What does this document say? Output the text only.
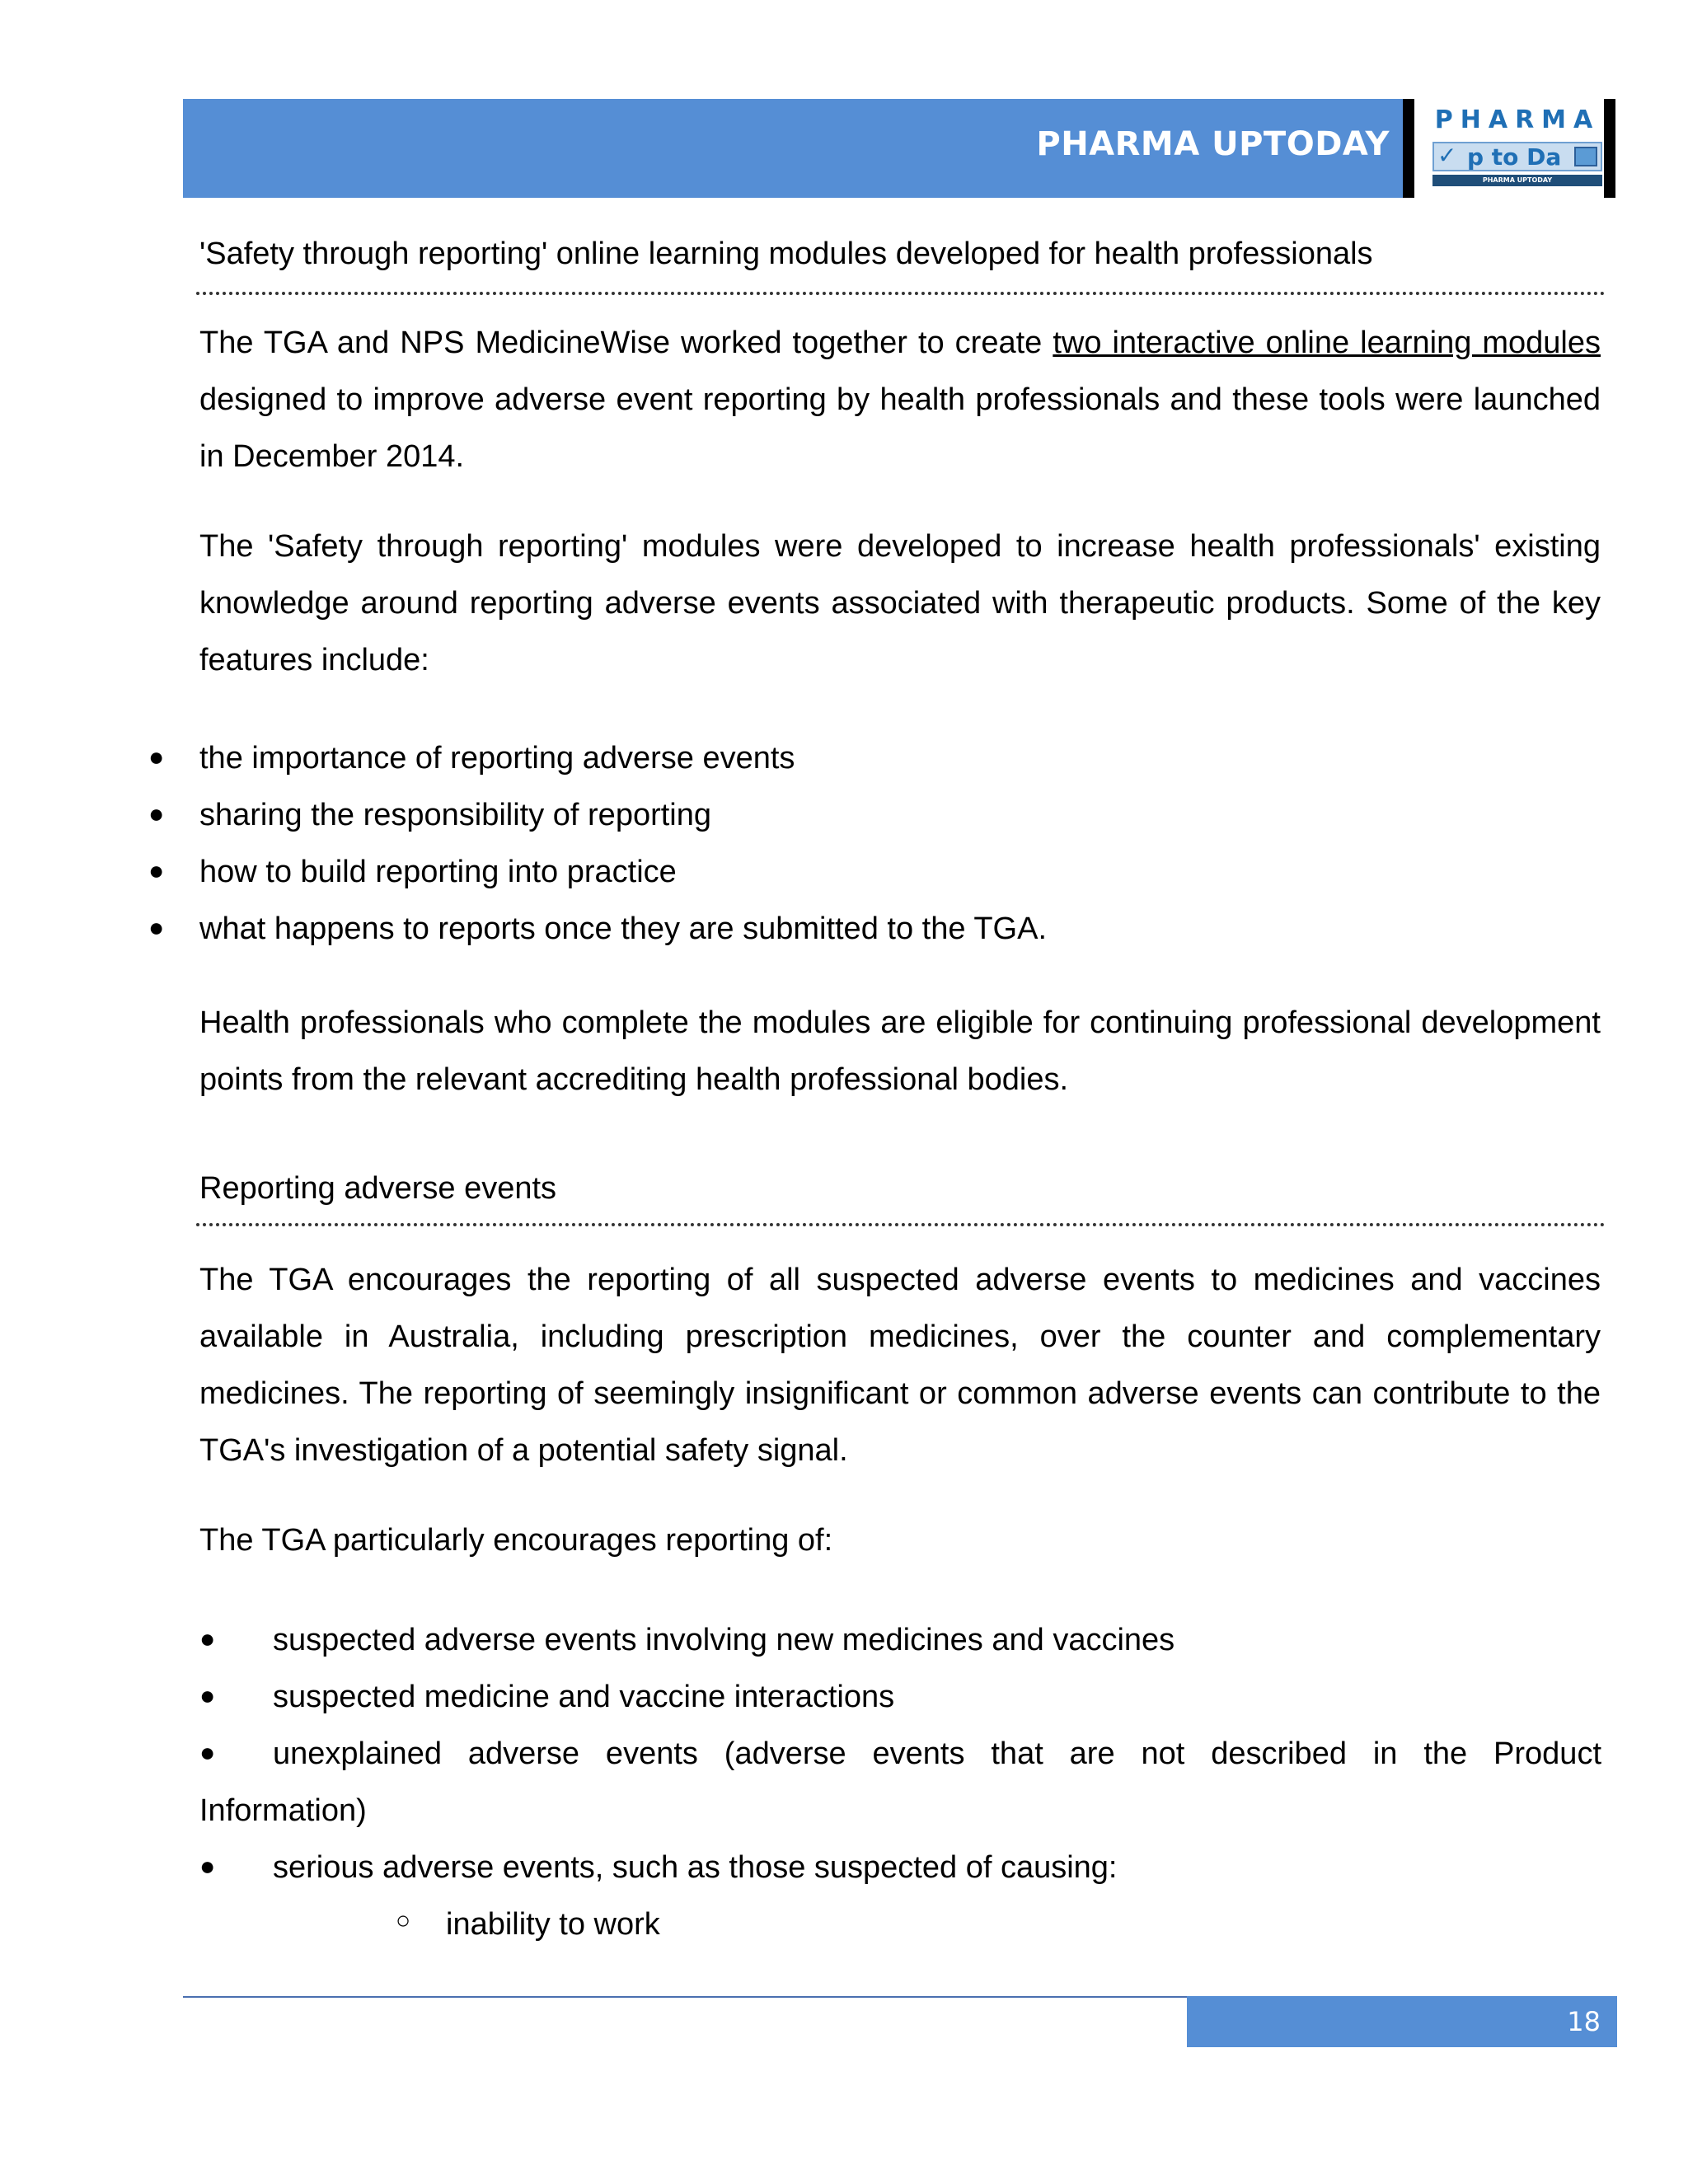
PHARMA UPTODAY
PHARMA
✓ p to Da
PHARMA UPTODAY
'Safety through reporting' online learning modules developed for health professionals

The TGA and NPS MedicineWise worked together to create two interactive online learning modules designed to improve adverse event reporting by health professionals and these tools were launched in December 2014.

The 'Safety through reporting' modules were developed to increase health professionals' existing knowledge around reporting adverse events associated with therapeutic products. Some of the key features include:

● the importance of reporting adverse events
● sharing the responsibility of reporting
● how to build reporting into practice
● what happens to reports once they are submitted to the TGA.

Health professionals who complete the modules are eligible for continuing professional development points from the relevant accrediting health professional bodies.

Reporting adverse events

The TGA encourages the reporting of all suspected adverse events to medicines and vaccines available in Australia, including prescription medicines, over the counter and complementary medicines. The reporting of seemingly insignificant or common adverse events can contribute to the TGA's investigation of a potential safety signal.

The TGA particularly encourages reporting of:

● suspected adverse events involving new medicines and vaccines
● suspected medicine and vaccine interactions
● unexplained adverse events (adverse events that are not described in the Product
Information)
● serious adverse events, such as those suspected of causing:
○ inability to work
18
